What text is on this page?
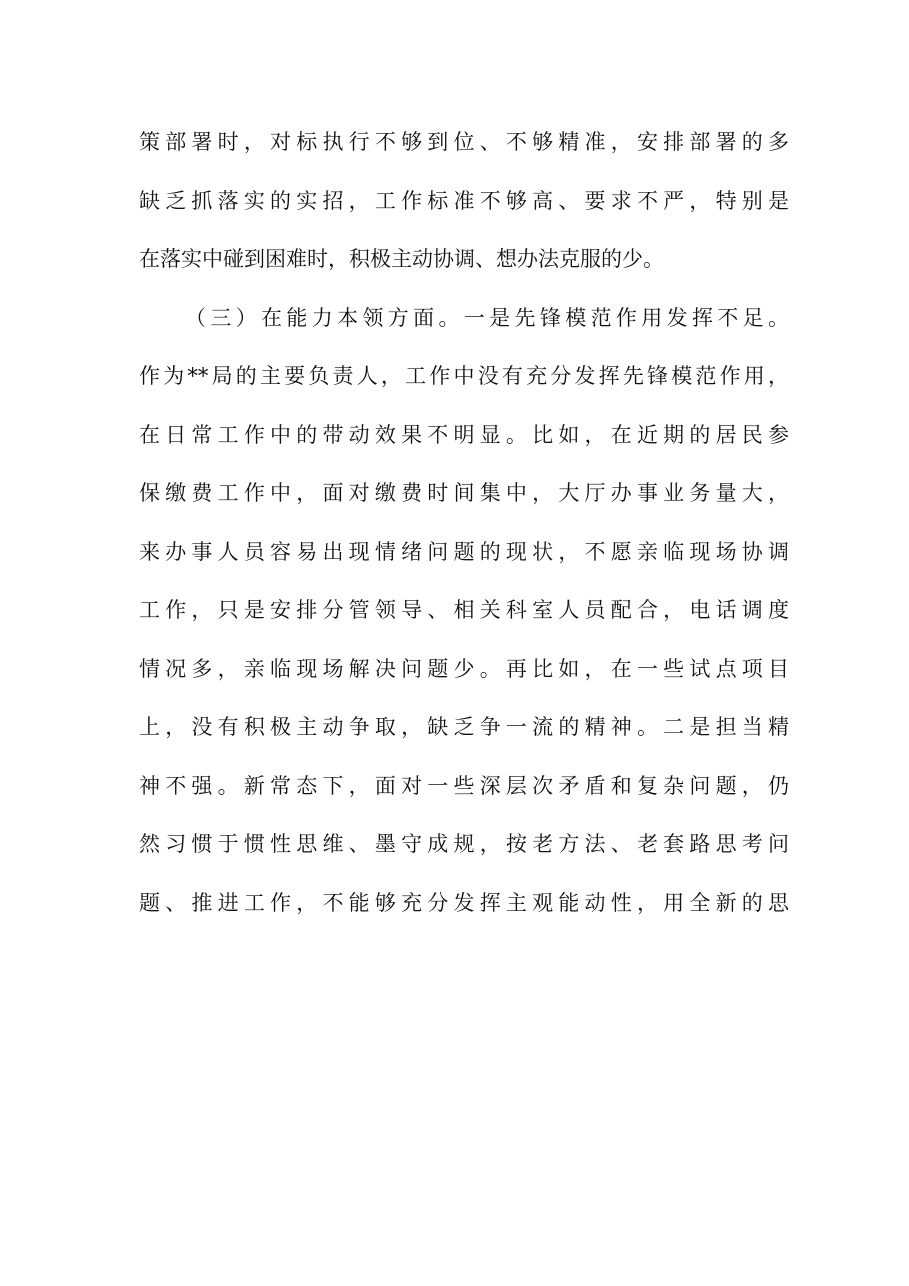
策部署时，对标执行不够到位、不够精准，安排部署的多
缺乏抓落实的实招，工作标准不够高、要求不严，特别是
在落实中碰到困难时，积极主动协调、想办法克服的少。
（三）在能力本领方面。一是先锋模范作用发挥不足。
作为**局的主要负责人，工作中没有充分发挥先锋模范作用，
在日常工作中的带动效果不明显。比如，在近期的居民参
保缴费工作中，面对缴费时间集中，大厅办事业务量大，
来办事人员容易出现情绪问题的现状，不愿亲临现场协调
工作，只是安排分管领导、相关科室人员配合，电话调度
情况多，亲临现场解决问题少。再比如，在一些试点项目
上，没有积极主动争取，缺乏争一流的精神。二是担当精
神不强。新常态下，面对一些深层次矛盾和复杂问题，仍
然习惯于惯性思维、墨守成规，按老方法、老套路思考问
题、推进工作，不能够充分发挥主观能动性，用全新的思
